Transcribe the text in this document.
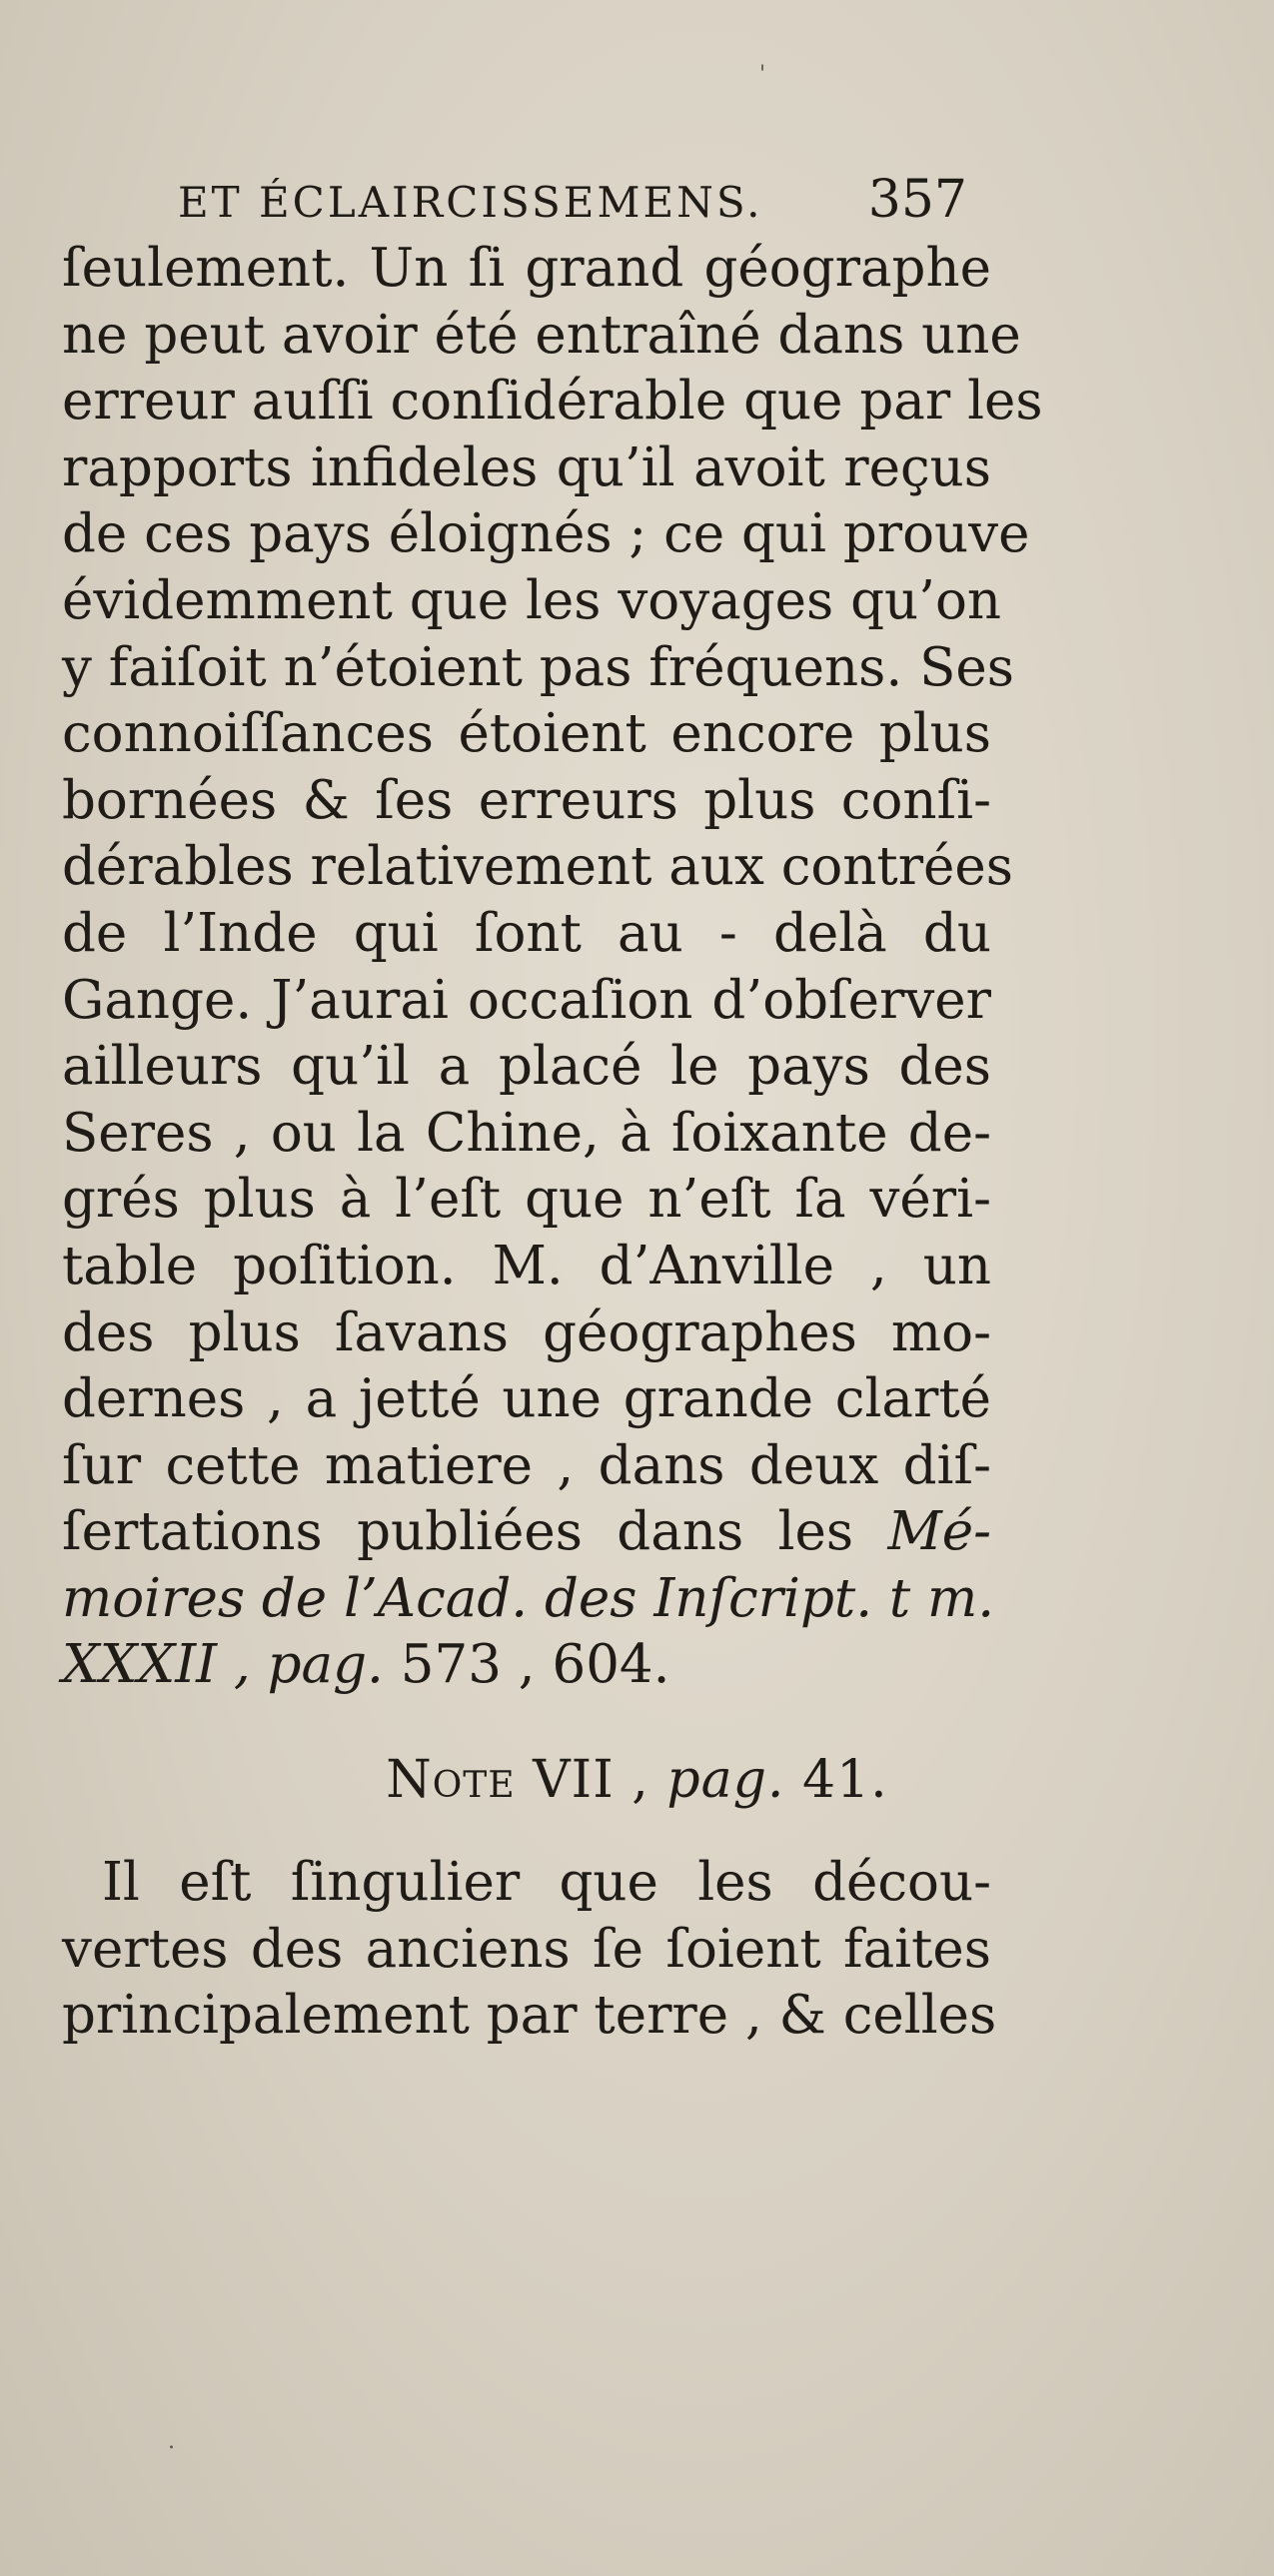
'
.
ET ÉCLAIRCISSEMENS. 357
ſeulement. Un ſi grand géographe
ne peut avoir été entraîné dans une
erreur auſſi conſidérable que par les
rapports infideles qu’il avoit reçus
de ces pays éloignés ; ce qui prouve
évidemment que les voyages qu’on
y faiſoit n’étoient pas fréquens. Ses
connoiſſances étoient encore plus
bornées & ſes erreurs plus conſi-
dérables relativement aux contrées
de l’Inde qui ſont au - delà du
Gange. J’aurai occaſion d’obſerver
ailleurs qu’il a placé le pays des
Seres , ou la Chine, à ſoixante de-
grés plus à l’eſt que n’eſt ſa véri-
table poſition. M. d’Anville , un
des plus ſavans géographes mo-
dernes , a jetté une grande clarté
ſur cette matiere , dans deux diſ-
ſertations publiées dans les Mé-
moires de l’Acad. des Inſcript. t m.
XXXII , pag. 573 , 604.
Note VII , pag. 41.
Il eſt ſingulier que les décou-
vertes des anciens ſe ſoient faites
principalement par terre , & celles
